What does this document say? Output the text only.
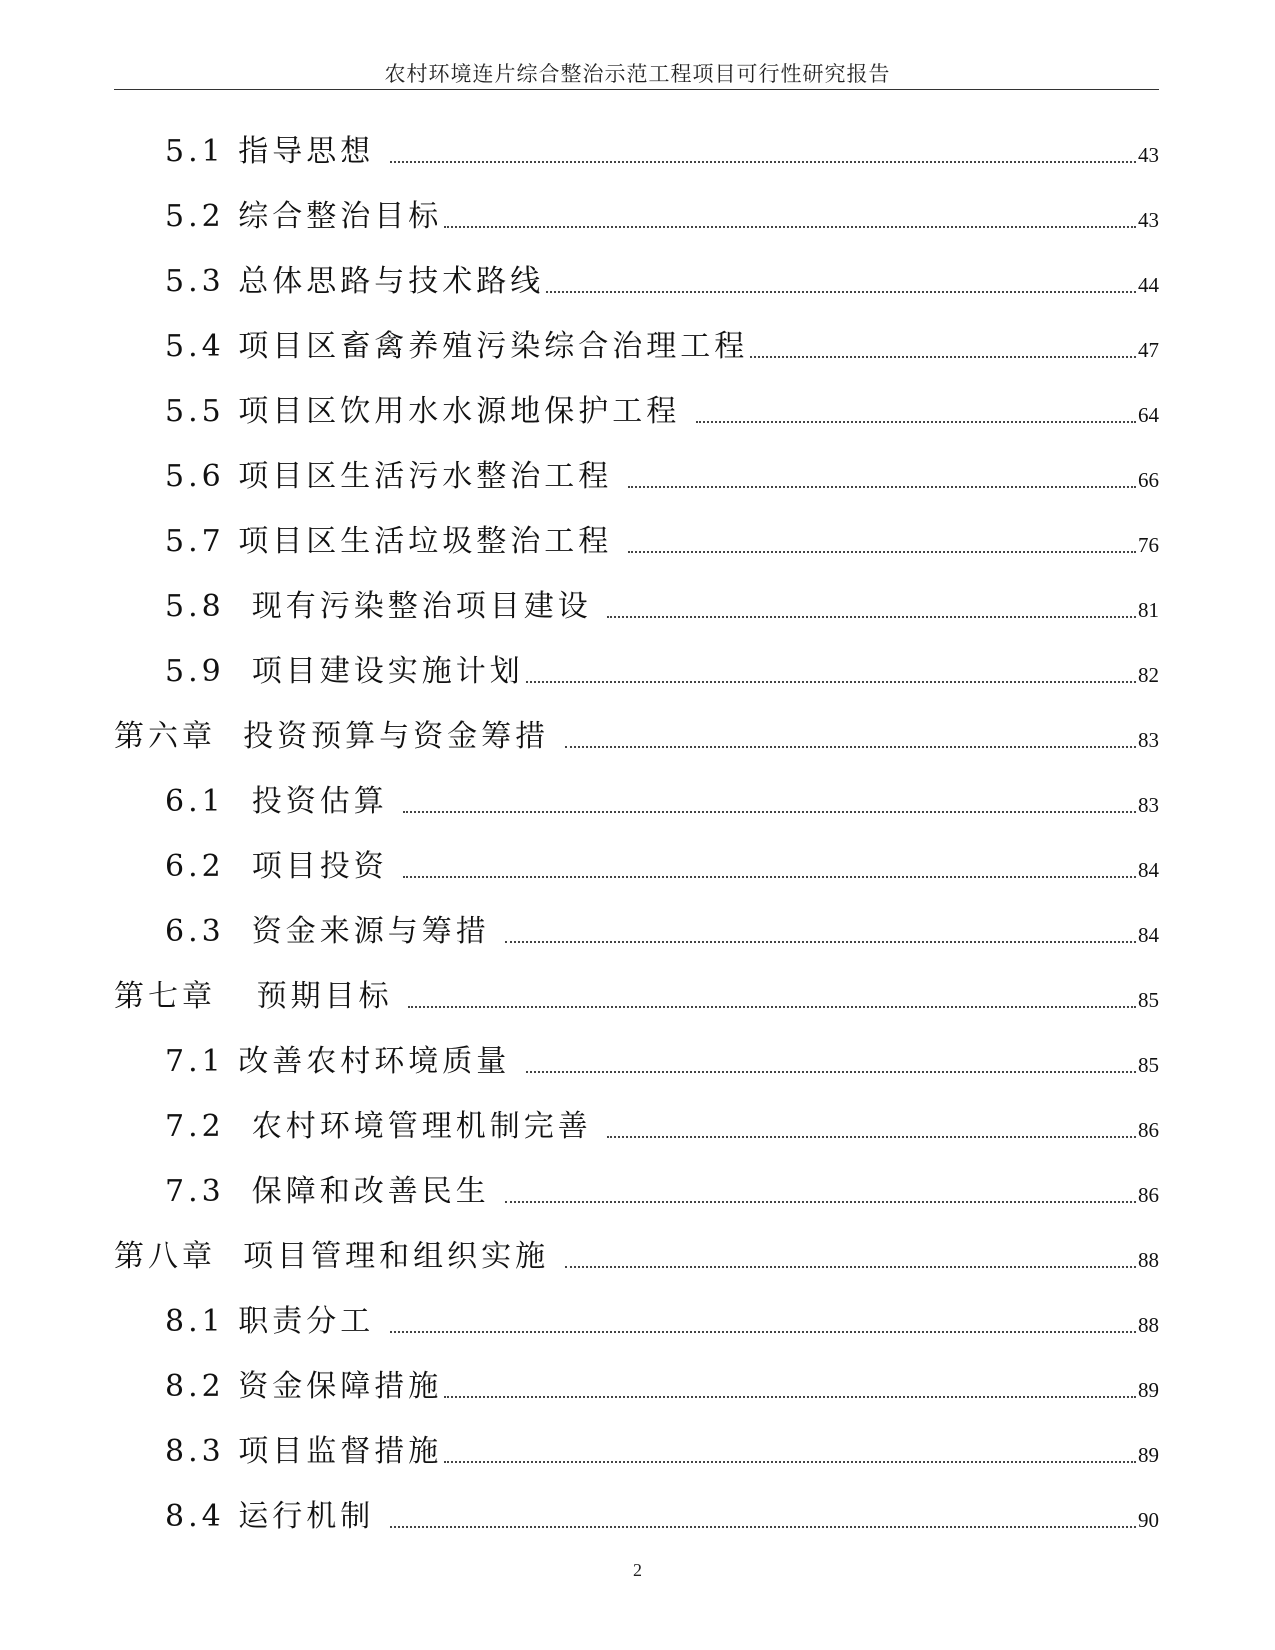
农村环境连片综合整治示范工程项目可行性研究报告
5.1 指导思想	43
5.2 综合整治目标	43
5.3 总体思路与技术路线	44
5.4 项目区畜禽养殖污染综合治理工程	47
5.5 项目区饮用水水源地保护工程	64
5.6 项目区生活污水整治工程	66
5.7 项目区生活垃圾整治工程	76
5.8  现有污染整治项目建设	81
5.9  项目建设实施计划	82
第六章  投资预算与资金筹措	83
6.1  投资估算	83
6.2  项目投资	84
6.3  资金来源与筹措	84
第七章   预期目标	85
7.1 改善农村环境质量	85
7.2  农村环境管理机制完善	86
7.3  保障和改善民生	86
第八章  项目管理和组织实施	88
8.1 职责分工	88
8.2 资金保障措施	89
8.3 项目监督措施	89
8.4 运行机制	90
2
